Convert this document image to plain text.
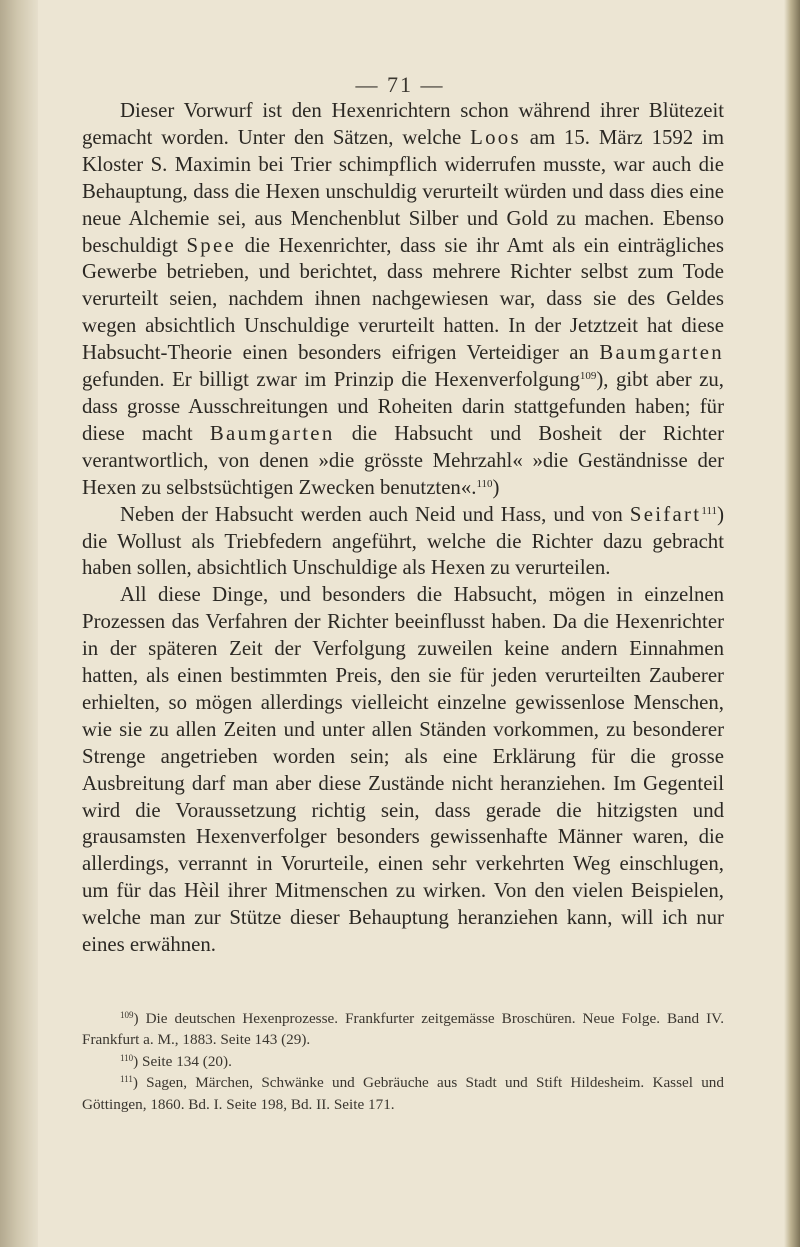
— 71 —

Dieser Vorwurf ist den Hexenrichtern schon während ihrer Blütezeit gemacht worden. Unter den Sätzen, welche Loos am 15. März 1592 im Kloster S. Maximin bei Trier schimpflich widerrufen musste, war auch die Behauptung, dass die Hexen unschuldig verurteilt würden und dass dies eine neue Alchemie sei, aus Menchenblut Silber und Gold zu machen. Ebenso beschuldigt Spee die Hexenrichter, dass sie ihr Amt als ein einträgliches Gewerbe betrieben, und berichtet, dass mehrere Richter selbst zum Tode verurteilt seien, nachdem ihnen nachgewiesen war, dass sie des Geldes wegen absichtlich Unschuldige verurteilt hatten. In der Jetztzeit hat diese Habsucht-Theorie einen besonders eifrigen Verteidiger an Baumgarten gefunden. Er billigt zwar im Prinzip die Hexenverfolgung$^{109}$), gibt aber zu, dass grosse Ausschreitungen und Roheiten darin stattgefunden haben; für diese macht Baumgarten die Habsucht und Bosheit der Richter verantwortlich, von denen »die grösste Mehrzahl« »die Geständnisse der Hexen zu selbstsüchtigen Zwecken benutzten«.$^{110}$)

Neben der Habsucht werden auch Neid und Hass, und von Seifart$^{111}$) die Wollust als Triebfedern angeführt, welche die Richter dazu gebracht haben sollen, absichtlich Unschuldige als Hexen zu verurteilen.

All diese Dinge, und besonders die Habsucht, mögen in einzelnen Prozessen das Verfahren der Richter beeinflusst haben. Da die Hexenrichter in der späteren Zeit der Verfolgung zuweilen keine andern Einnahmen hatten, als einen bestimmten Preis, den sie für jeden verurteilten Zauberer erhielten, so mögen allerdings vielleicht einzelne gewissenlose Menschen, wie sie zu allen Zeiten und unter allen Ständen vorkommen, zu besonderer Strenge angetrieben worden sein; als eine Erklärung für die grosse Ausbreitung darf man aber diese Zustände nicht heranziehen. Im Gegenteil wird die Voraussetzung richtig sein, dass gerade die hitzigsten und grausamsten Hexenverfolger besonders gewissenhafte Männer waren, die allerdings, verrannt in Vorurteile, einen sehr verkehrten Weg einschlugen, um für das Hèil ihrer Mitmenschen zu wirken. Von den vielen Beispielen, welche man zur Stütze dieser Behauptung heranziehen kann, will ich nur eines erwähnen.

$^{109}$) Die deutschen Hexenprozesse. Frankfurter zeitgemässe Broschüren. Neue Folge. Band IV. Frankfurt a. M., 1883. Seite 143 (29).

$^{110}$) Seite 134 (20).

$^{111}$) Sagen, Märchen, Schwänke und Gebräuche aus Stadt und Stift Hildesheim. Kassel und Göttingen, 1860. Bd. I. Seite 198, Bd. II. Seite 171.
